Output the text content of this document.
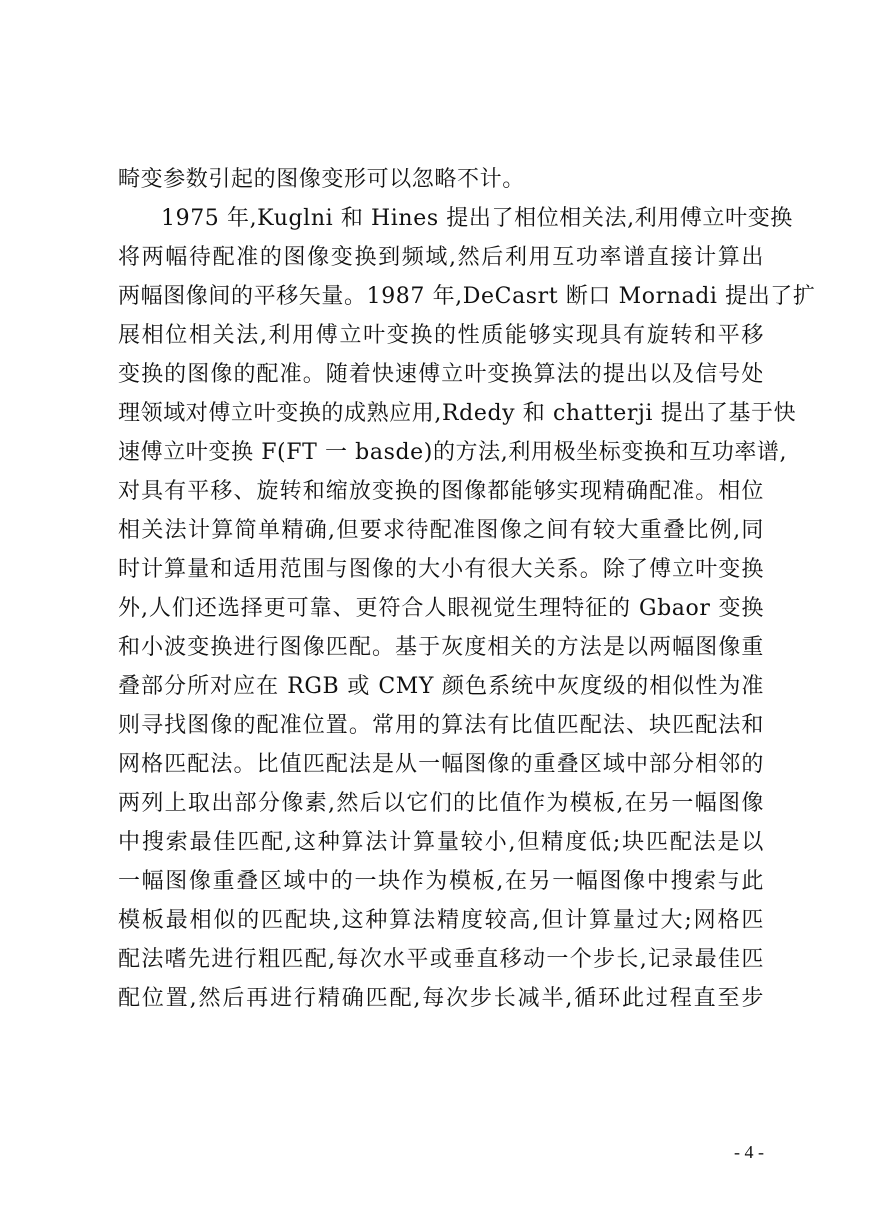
畸变参数引起的图像变形可以忽略不计。
1975 年,Kuglni 和 Hines 提出了相位相关法,利用傅立叶变换
将两幅待配准的图像变换到频域,然后利用互功率谱直接计算出
两幅图像间的平移矢量。1987 年,DeCasrt 断口 Mornadi 提出了扩
展相位相关法,利用傅立叶变换的性质能够实现具有旋转和平移
变换的图像的配准。随着快速傅立叶变换算法的提出以及信号处
理领域对傅立叶变换的成熟应用,Rdedy 和 chatterji 提出了基于快
速傅立叶变换 F(FT 一 basde)的方法,利用极坐标变换和互功率谱,
对具有平移、旋转和缩放变换的图像都能够实现精确配准。相位
相关法计算简单精确,但要求待配准图像之间有较大重叠比例,同
时计算量和适用范围与图像的大小有很大关系。除了傅立叶变换
外,人们还选择更可靠、更符合人眼视觉生理特征的 Gbaor 变换
和小波变换进行图像匹配。基于灰度相关的方法是以两幅图像重
叠部分所对应在 RGB 或 CMY 颜色系统中灰度级的相似性为准
则寻找图像的配准位置。常用的算法有比值匹配法、块匹配法和
网格匹配法。比值匹配法是从一幅图像的重叠区域中部分相邻的
两列上取出部分像素,然后以它们的比值作为模板,在另一幅图像
中搜索最佳匹配,这种算法计算量较小,但精度低;块匹配法是以
一幅图像重叠区域中的一块作为模板,在另一幅图像中搜索与此
模板最相似的匹配块,这种算法精度较高,但计算量过大;网格匹
配法嗜先进行粗匹配,每次水平或垂直移动一个步长,记录最佳匹
配位置,然后再进行精确匹配,每次步长减半,循环此过程直至步
- 4 -
